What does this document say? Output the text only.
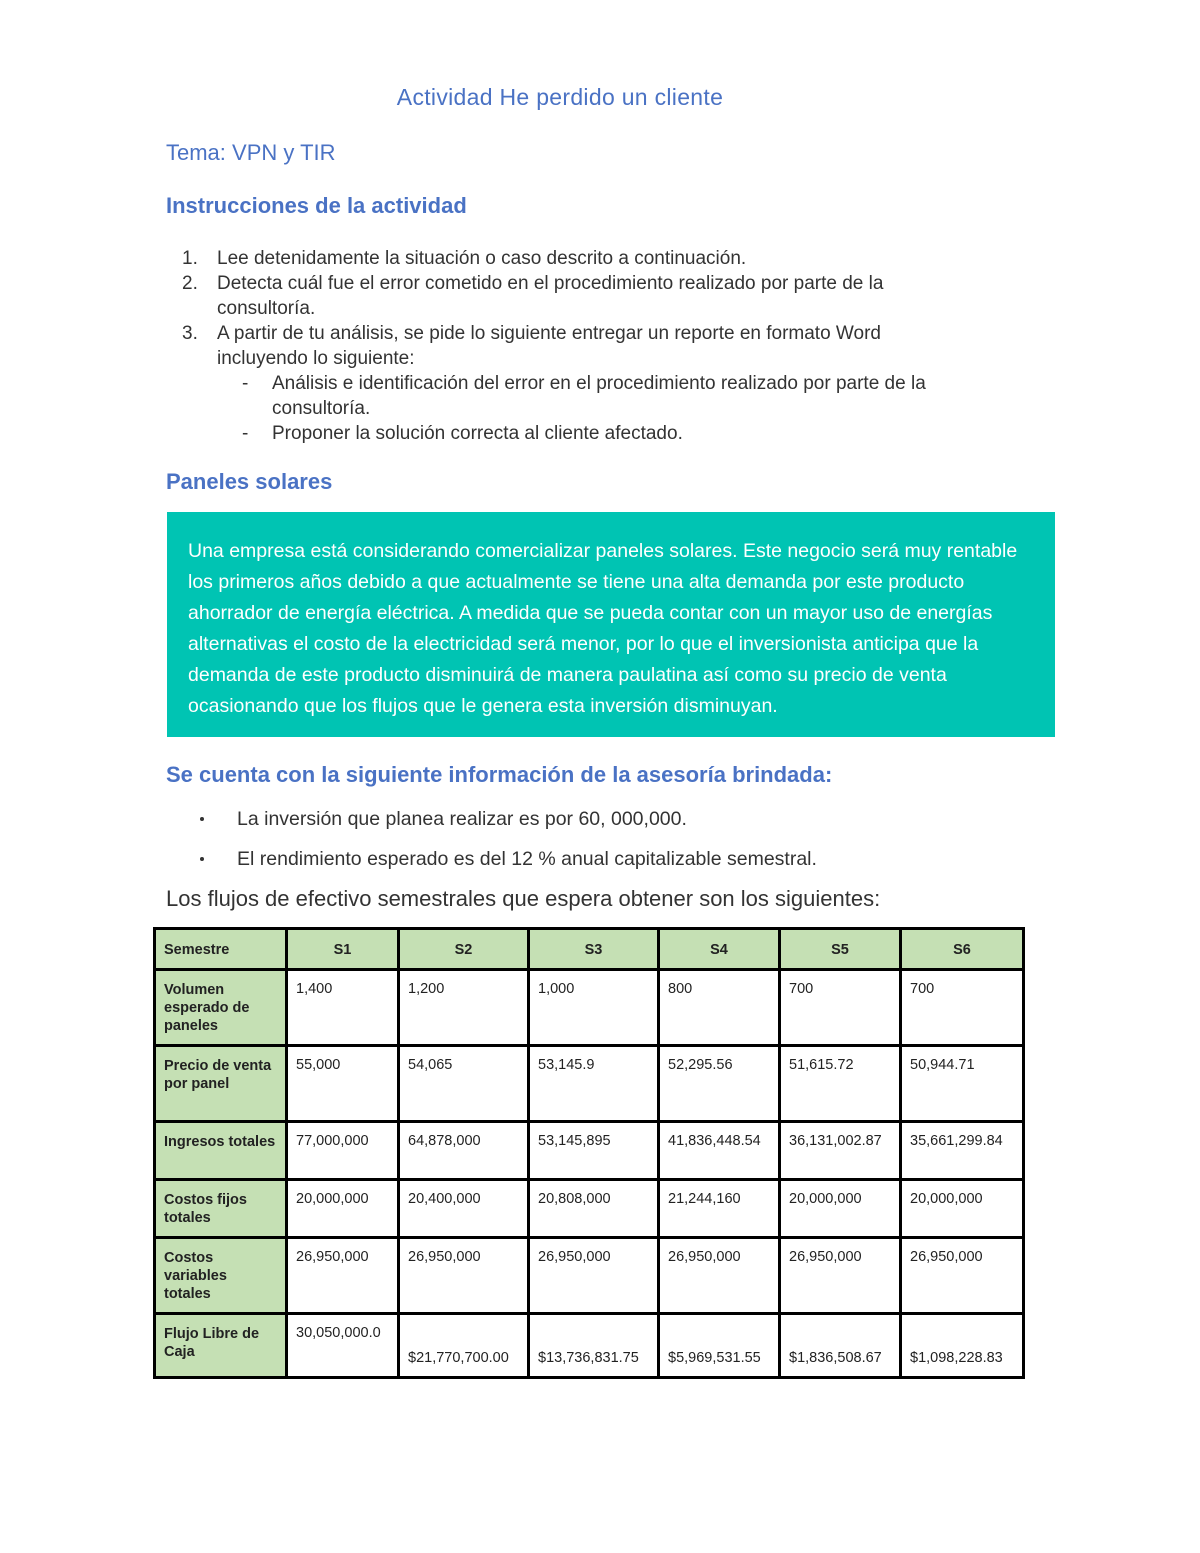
Actividad He perdido un cliente
Tema: VPN y TIR
Instrucciones de la actividad
1. Lee detenidamente la situación o caso descrito a continuación.
2. Detecta cuál fue el error cometido en el procedimiento realizado por parte de la consultoría.
3. A partir de tu análisis, se pide lo siguiente entregar un reporte en formato Word incluyendo lo siguiente:
- Análisis e identificación del error en el procedimiento realizado por parte de la consultoría.
- Proponer la solución correcta al cliente afectado.
Paneles solares
Una empresa está considerando comercializar paneles solares. Este negocio será muy rentable los primeros años debido a que actualmente se tiene una alta demanda por este producto ahorrador de energía eléctrica. A medida que se pueda contar con un mayor uso de energías alternativas el costo de la electricidad será menor, por lo que el inversionista anticipa que la demanda de este producto disminuirá de manera paulatina así como su precio de venta ocasionando que los flujos que le genera esta inversión disminuyan.
Se cuenta con la siguiente información de la asesoría brindada:
La inversión que planea realizar es por 60, 000,000.
El rendimiento esperado es del 12 % anual capitalizable semestral.
Los flujos de efectivo semestrales que espera obtener son los siguientes:
Semestre	S1	S2	S3	S4	S5	S6
Volumen esperado de paneles	1,400	1,200	1,000	800	700	700
Precio de venta por panel	55,000	54,065	53,145.9	52,295.56	51,615.72	50,944.71
Ingresos totales	77,000,000	64,878,000	53,145,895	41,836,448.54	36,131,002.87	35,661,299.84
Costos fijos totales	20,000,000	20,400,000	20,808,000	21,244,160	20,000,000	20,000,000
Costos variables totales	26,950,000	26,950,000	26,950,000	26,950,000	26,950,000	26,950,000
Flujo Libre de Caja	30,050,000.0	$21,770,700.00	$13,736,831.75	$5,969,531.55	$1,836,508.67	$1,098,228.83
